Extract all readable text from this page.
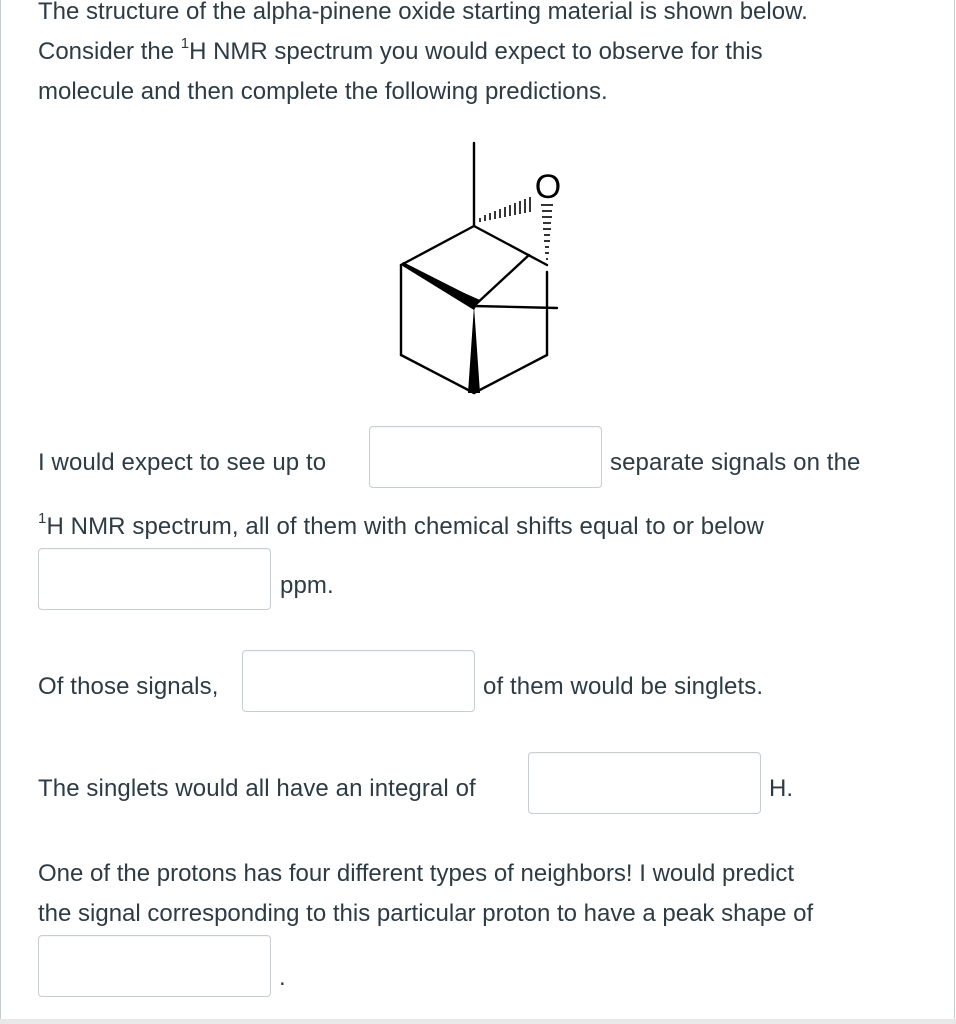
The structure of the alpha-pinene oxide starting material is shown below.
Consider the $^1$H NMR spectrum you would expect to observe for this
molecule and then complete the following predictions.
O
I would expect to see up to	separate signals on the
$^1$H NMR spectrum, all of them with chemical shifts equal to or below
ppm.
Of those signals,	of them would be singlets.
The singlets would all have an integral of	H.
One of the protons has four different types of neighbors! I would predict
the signal corresponding to this particular proton to have a peak shape of
.
